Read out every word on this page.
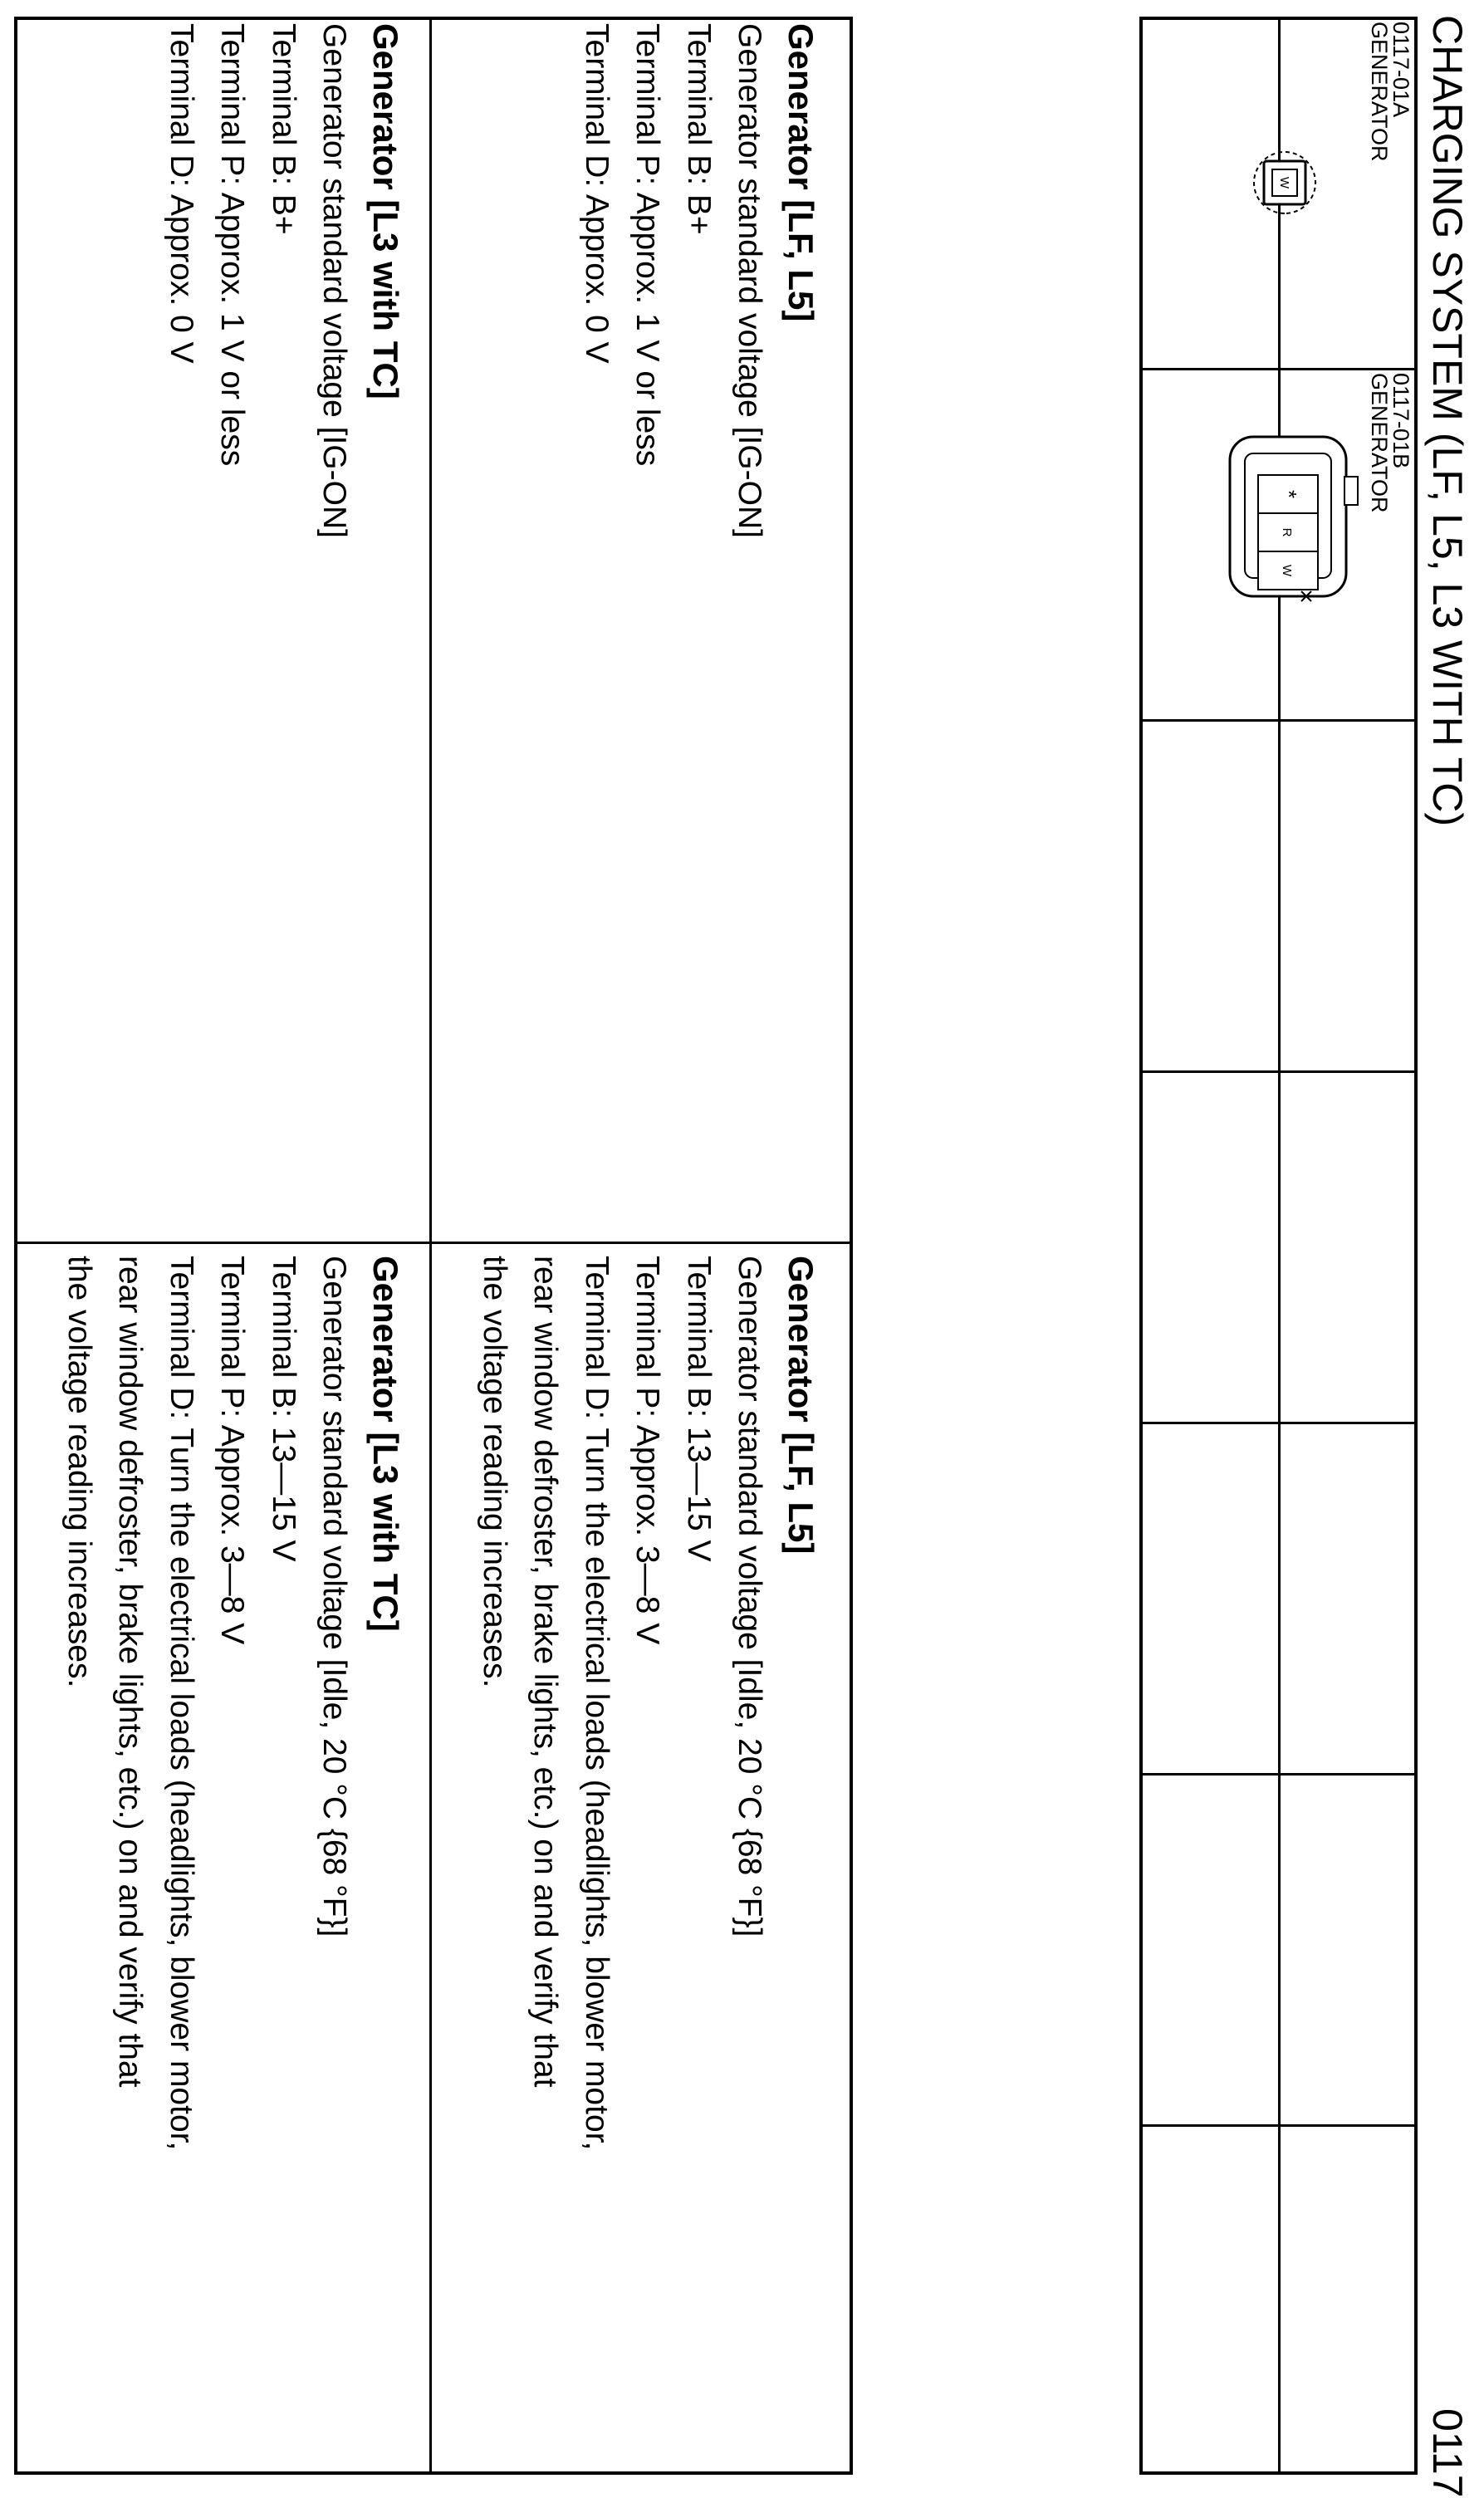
CHARGING SYSTEM (LF, L5, L3 WITH TC)
0117
0117-01A
GENERATOR
W
0117-01B
GENERATOR
*
R
W
Generator [LF, L5]
Generator standard voltage [IG-ON]
Terminal B: B+
Terminal P: Approx. 1 V or less
Terminal D: Approx. 0 V
Generator [L3 with TC]
Generator standard voltage [IG-ON]
Terminal B: B+
Terminal P: Approx. 1 V or less
Terminal D: Approx. 0 V
Generator [LF, L5]
Generator standard voltage [Idle, 20 °C {68 °F}]
Terminal B: 13—15 V
Terminal P: Approx. 3—8 V
Terminal D: Turn the electrical loads (headlights, blower motor,
rear window defroster, brake lights, etc.) on and verify that
the voltage reading increases.
Generator [L3 with TC]
Generator standard voltage [Idle, 20 °C {68 °F}]
Terminal B: 13—15 V
Terminal P: Approx. 3—8 V
Terminal D: Turn the electrical loads (headlights, blower motor,
rear window defroster, brake lights, etc.) on and verify that
the voltage reading increases.
